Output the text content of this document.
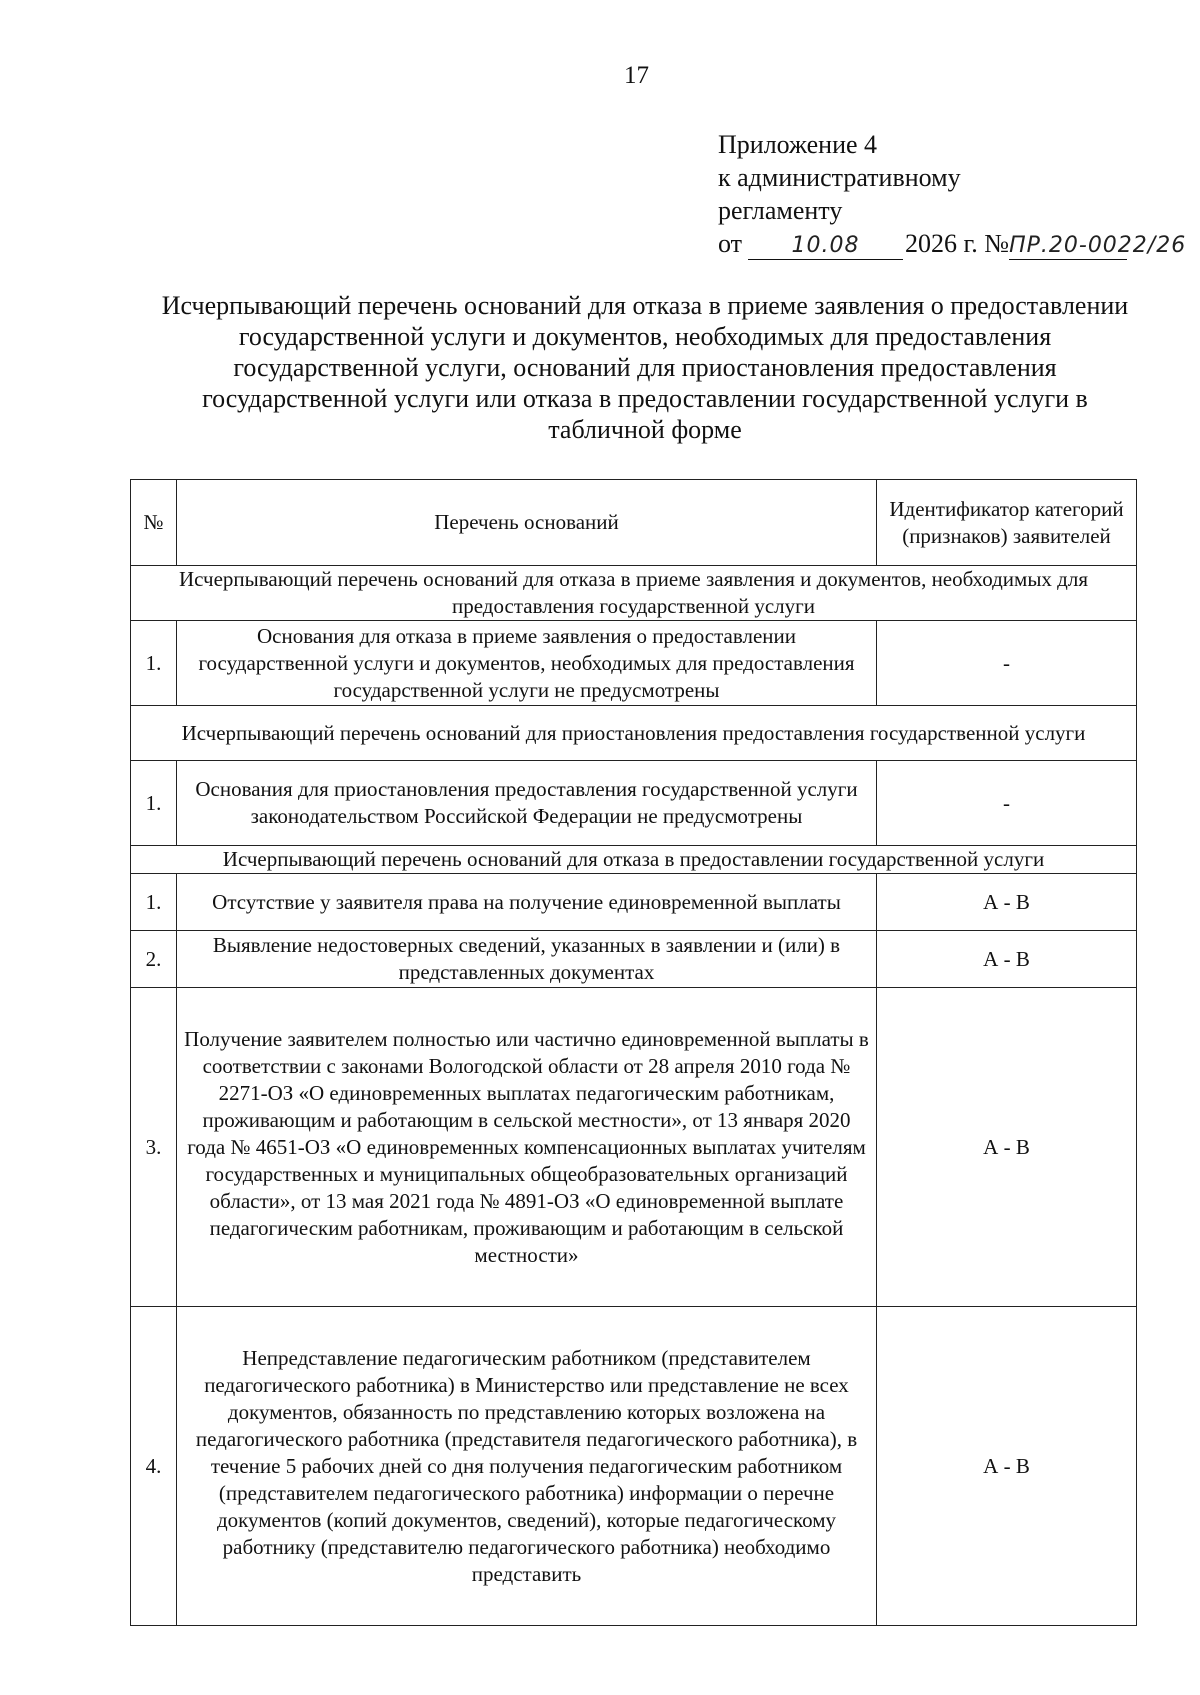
17
Приложение 4
к административному
регламенту
от 10.08 2026 г. №ПР.20-0022/26
Исчерпывающий перечень оснований для отказа в приеме заявления о предоставлении государственной услуги и документов, необходимых для предоставления государственной услуги, оснований для приостановления предоставления государственной услуги или отказа в предоставлении государственной услуги в табличной форме
№	Перечень оснований	Идентификатор категорий (признаков) заявителей
Исчерпывающий перечень оснований для отказа в приеме заявления и документов, необходимых для предоставления государственной услуги		
1.	Основания для отказа в приеме заявления о предоставлении государственной услуги и документов, необходимых для предоставления государственной услуги не предусмотрены	-
Исчерпывающий перечень оснований для приостановления предоставления государственной услуги		
1.	Основания для приостановления предоставления государственной услуги законодательством Российской Федерации не предусмотрены	-
Исчерпывающий перечень оснований для отказа в предоставлении государственной услуги		
1.	Отсутствие у заявителя права на получение единовременной выплаты	А - В
2.	Выявление недостоверных сведений, указанных в заявлении и (или) в представленных документах	А - В
3.	Получение заявителем полностью или частично единовременной выплаты в соответствии с законами Вологодской области от 28 апреля 2010 года № 2271-ОЗ «О единовременных выплатах педагогическим работникам, проживающим и работающим в сельской местности», от 13 января 2020 года № 4651-ОЗ «О единовременных компенсационных выплатах учителям государственных и муниципальных общеобразовательных организаций области», от 13 мая 2021 года № 4891-ОЗ «О единовременной выплате педагогическим работникам, проживающим и работающим в сельской местности»	А - В
4.	Непредставление педагогическим работником (представителем педагогического работника) в Министерство или представление не всех документов, обязанность по представлению которых возложена на педагогического работника (представителя педагогического работника), в течение 5 рабочих дней со дня получения педагогическим работником (представителем педагогического работника) информации о перечне документов (копий документов, сведений), которые педагогическому работнику (представителю педагогического работника) необходимо представить	А - В
